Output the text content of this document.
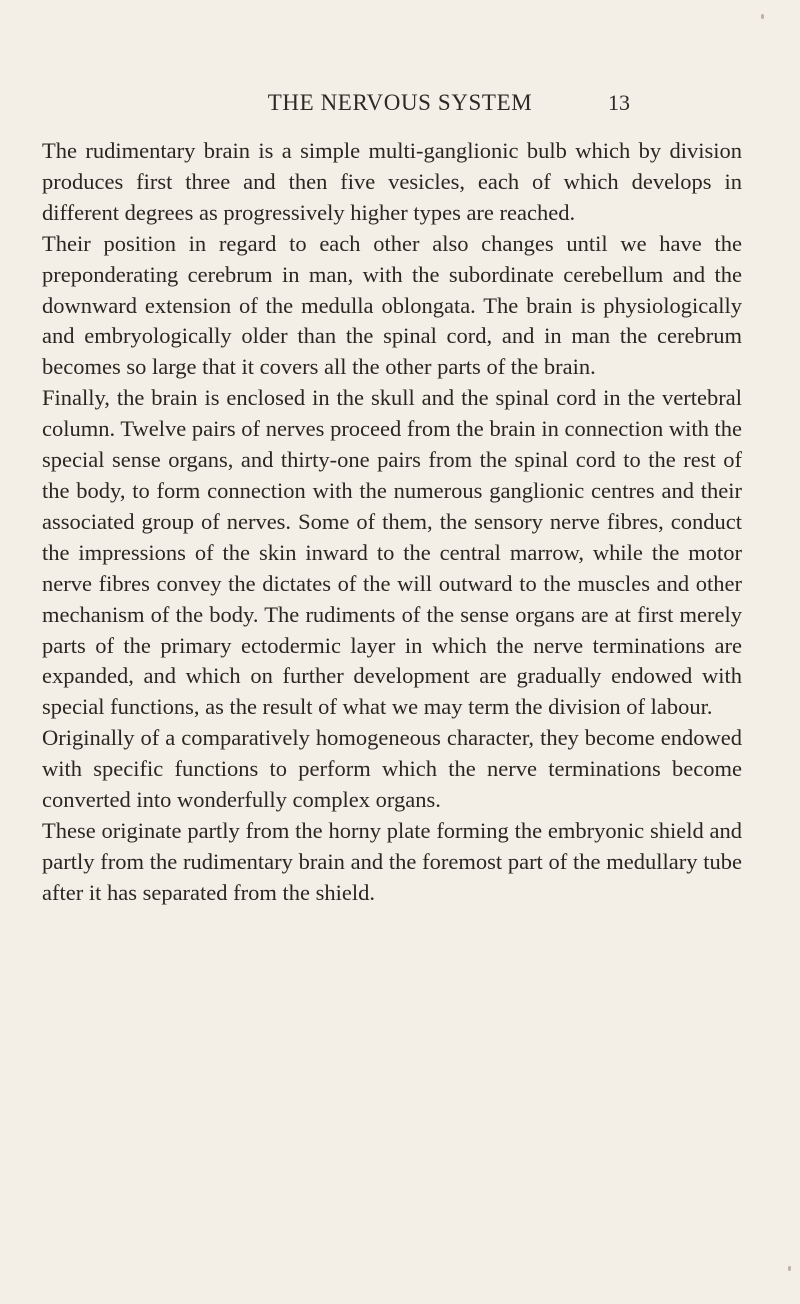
THE NERVOUS SYSTEM	13

The rudimentary brain is a simple multi-ganglionic bulb which by division produces first three and then five vesicles, each of which develops in different degrees as progressively higher types are reached.

Their position in regard to each other also changes until we have the preponderating cerebrum in man, with the subordinate cerebellum and the downward extension of the medulla oblongata. The brain is physiologically and embryologically older than the spinal cord, and in man the cerebrum becomes so large that it covers all the other parts of the brain.

Finally, the brain is enclosed in the skull and the spinal cord in the vertebral column. Twelve pairs of nerves proceed from the brain in connection with the special sense organs, and thirty-one pairs from the spinal cord to the rest of the body, to form connection with the numerous ganglionic centres and their associated group of nerves. Some of them, the sensory nerve fibres, conduct the impressions of the skin inward to the central marrow, while the motor nerve fibres convey the dictates of the will outward to the muscles and other mechanism of the body. The rudiments of the sense organs are at first merely parts of the primary ectodermic layer in which the nerve terminations are expanded, and which on further development are gradually endowed with special functions, as the result of what we may term the division of labour.

Originally of a comparatively homogeneous character, they become endowed with specific functions to perform which the nerve terminations become converted into wonderfully complex organs.

These originate partly from the horny plate forming the embryonic shield and partly from the rudimentary brain and the foremost part of the medullary tube after it has separated from the shield.
